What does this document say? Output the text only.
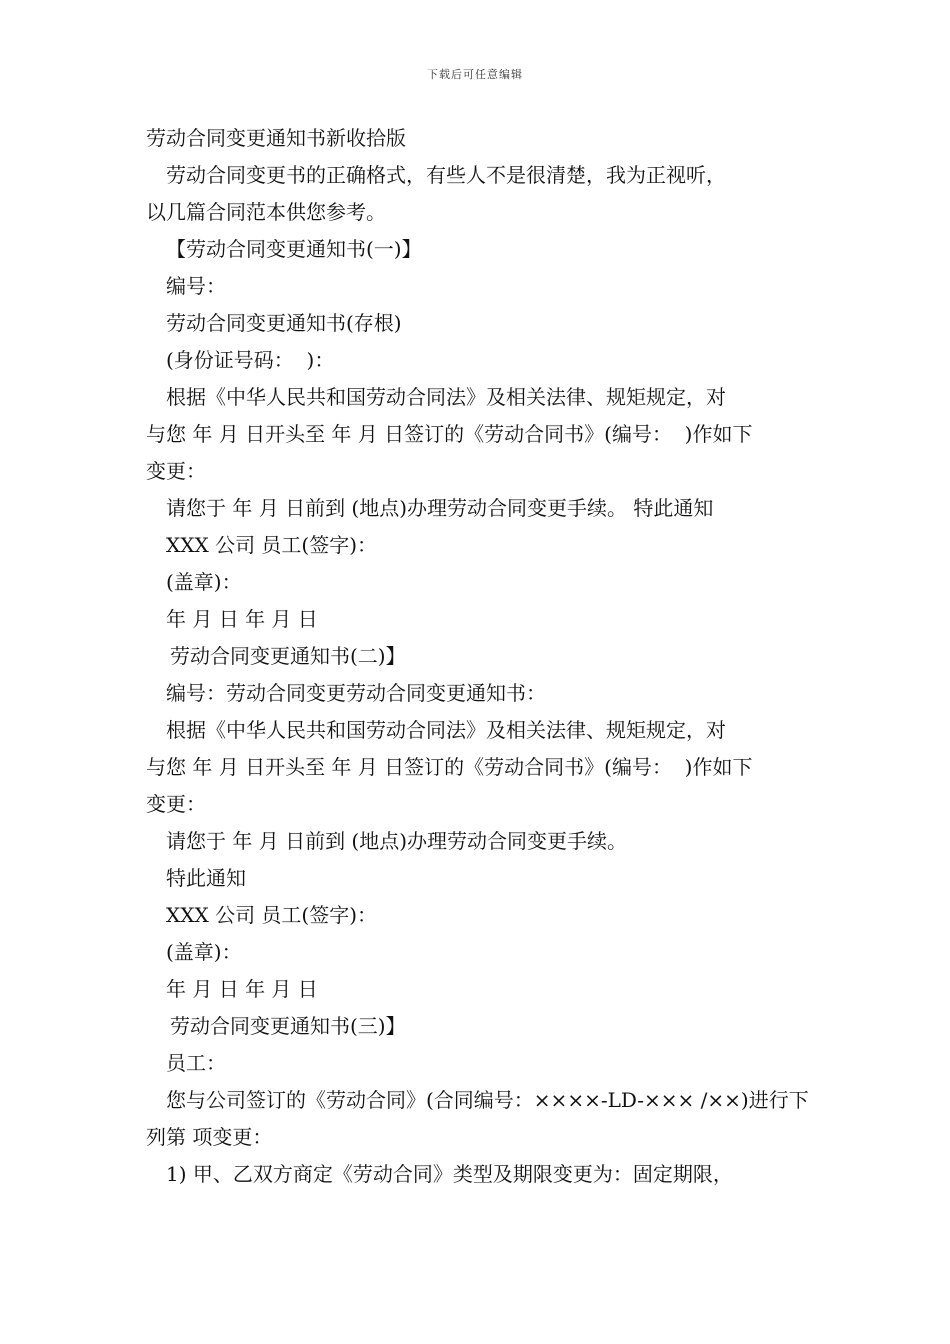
下载后可任意编辑

劳动合同变更通知书新收拾版

劳动合同变更书的正确格式，有些人不是很清楚，我为正视听，

以几篇合同范本供您参考。

【劳动合同变更通知书(一)】

编号：

劳动合同变更通知书(存根)

(身份证号码：  )：

根据《中华人民共和国劳动合同法》及相关法律、规矩规定，对

与您 年 月 日开头至 年 月 日签订的《劳动合同书》(编号：  )作如下

变更：

请您于 年 月 日前到 (地点)办理劳动合同变更手续。 特此通知

XXX 公司 员工(签字)：

(盖章)：

年 月 日 年 月 日

劳动合同变更通知书(二)】

编号：劳动合同变更劳动合同变更通知书：

根据《中华人民共和国劳动合同法》及相关法律、规矩规定，对

与您 年 月 日开头至 年 月 日签订的《劳动合同书》(编号：  )作如下

变更：

请您于 年 月 日前到 (地点)办理劳动合同变更手续。

特此通知

XXX 公司 员工(签字)：

(盖章)：

年 月 日 年 月 日

劳动合同变更通知书(三)】

员工：

您与公司签订的《劳动合同》(合同编号：××××-LD-××× /××)进行下

列第 项变更：

1) 甲、乙双方商定《劳动合同》类型及期限变更为：固定期限，
